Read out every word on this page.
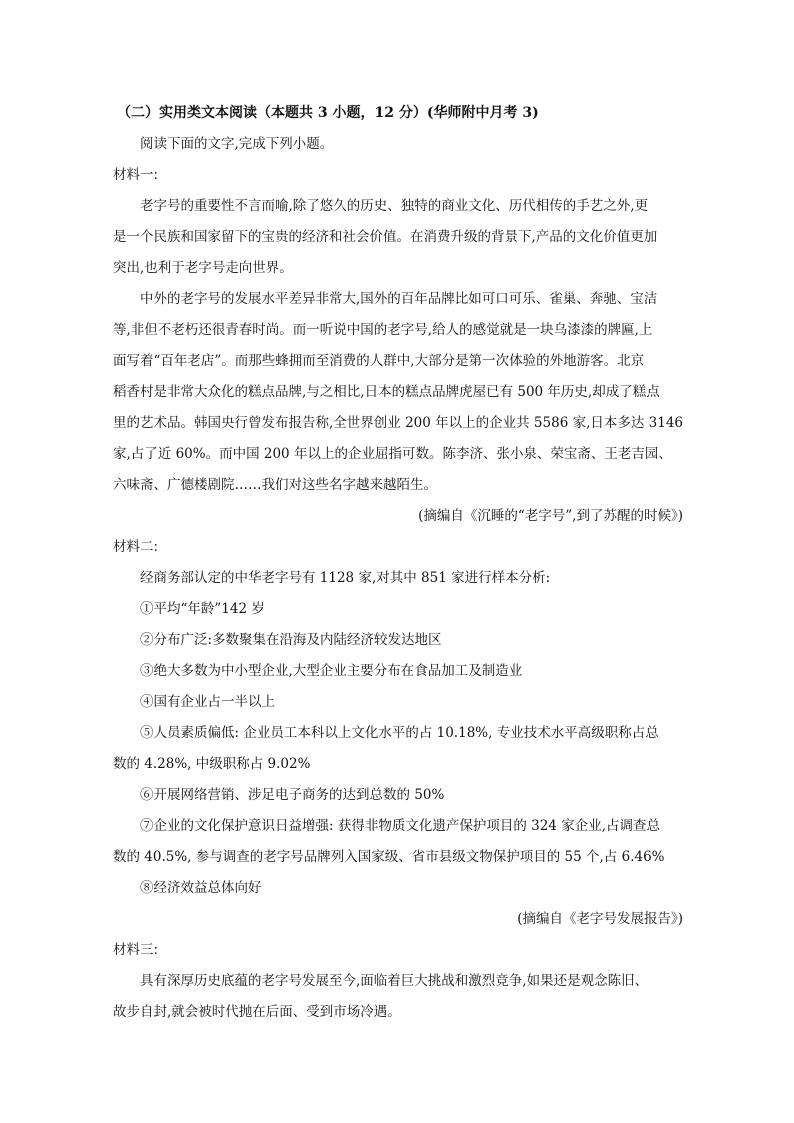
（二）实用类文本阅读（本题共 3 小题，12 分）(华师附中月考 3)
阅读下面的文字,完成下列小题。
材料一:
老字号的重要性不言而喻,除了悠久的历史、独特的商业文化、历代相传的手艺之外,更
是一个民族和国家留下的宝贵的经济和社会价值。在消费升级的背景下,产品的文化价值更加
突出,也利于老字号走向世界。
中外的老字号的发展水平差异非常大,国外的百年品牌比如可口可乐、雀巢、奔驰、宝洁
等,非但不老朽还很青春时尚。而一听说中国的老字号,给人的感觉就是一块乌漆漆的牌匾,上
面写着“百年老店”。而那些蜂拥而至消费的人群中,大部分是第一次体验的外地游客。北京
稻香村是非常大众化的糕点品牌,与之相比,日本的糕点品牌虎屋已有 500 年历史,却成了糕点
里的艺术品。韩国央行曾发布报告称,全世界创业 200 年以上的企业共 5586 家,日本多达 3146
家,占了近 60%。而中国 200 年以上的企业屈指可数。陈李济、张小泉、荣宝斋、王老吉园、
六味斋、广德楼剧院……我们对这些名字越来越陌生。
(摘编自《沉睡的“老字号”,到了苏醒的时候》)
材料二:
经商务部认定的中华老字号有 1128 家,对其中 851 家进行样本分析:
①平均“年龄”142 岁
②分布广泛:多数聚集在沿海及内陆经济较发达地区
③绝大多数为中小型企业,大型企业主要分布在食品加工及制造业
④国有企业占一半以上
⑤人员素质偏低: 企业员工本科以上文化水平的占 10.18%, 专业技术水平高级职称占总
数的 4.28%, 中级职称占 9.02%
⑥开展网络营销、涉足电子商务的达到总数的 50%
⑦企业的文化保护意识日益增强: 获得非物质文化遗产保护项目的 324 家企业,占调查总
数的 40.5%, 参与调查的老字号品牌列入国家级、省市县级文物保护项目的 55 个,占 6.46%
⑧经济效益总体向好
(摘编自《老字号发展报告》)
材料三:
具有深厚历史底蕴的老字号发展至今,面临着巨大挑战和激烈竞争,如果还是观念陈旧、
故步自封,就会被时代抛在后面、受到市场冷遇。
